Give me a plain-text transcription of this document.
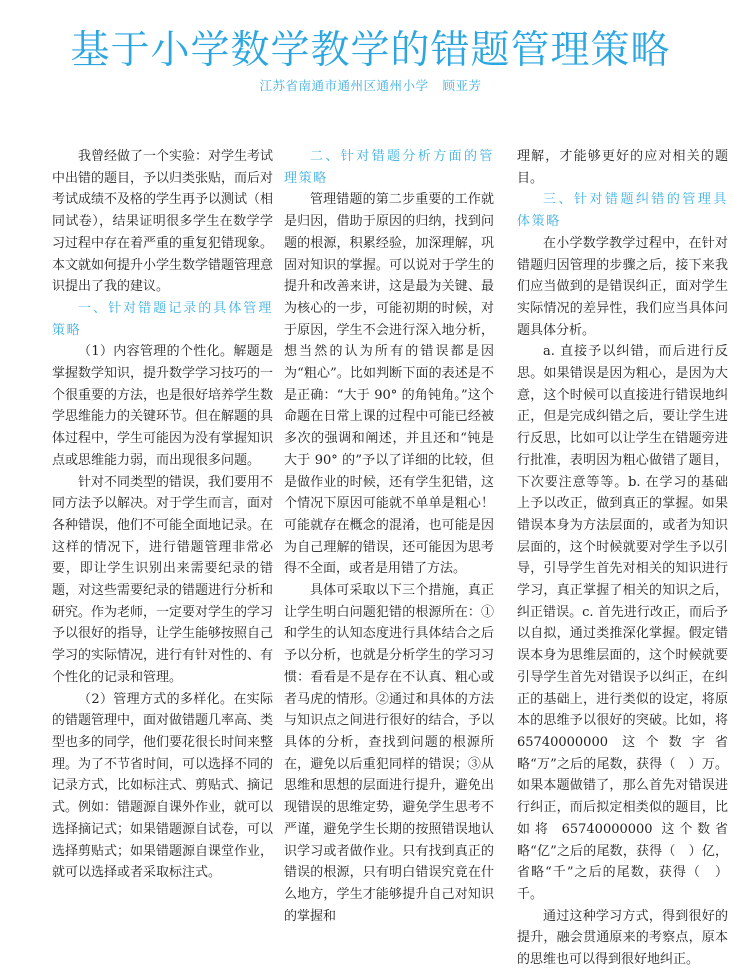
基于小学数学教学的错题管理策略
江苏省南通市通州区通州小学 顾亚芳

我曾经做了一个实验：对学生考试中出错的题目，予以归类张贴，而后对考试成绩不及格的学生再予以测试（相同试卷），结果证明很多学生在数学学习过程中存在着严重的重复犯错现象。本文就如何提升小学生数学错题管理意识提出了我的建议。

一、针对错题记录的具体管理策略

（1）内容管理的个性化。解题是掌握数学知识，提升数学学习技巧的一个很重要的方法，也是很好培养学生数学思维能力的关键环节。但在解题的具体过程中，学生可能因为没有掌握知识点或思维能力弱，而出现很多问题。

针对不同类型的错误，我们要用不同方法予以解决。对于学生而言，面对各种错误，他们不可能全面地记录。在这样的情况下，进行错题管理非常必要，即让学生识别出来需要纪录的错题，对这些需要纪录的错题进行分析和研究。作为老师，一定要对学生的学习予以很好的指导，让学生能够按照自己学习的实际情况，进行有针对性的、有个性化的记录和管理。

（2）管理方式的多样化。在实际的错题管理中，面对做错题几率高、类型也多的同学，他们要花很长时间来整理。为了不节省时间，可以选择不同的记录方式，比如标注式、剪贴式、摘记式。例如：错题源自课外作业，就可以选择摘记式；如果错题源自试卷，可以选择剪贴式；如果错题源自课堂作业，就可以选择或者采取标注式。

二、针对错题分析方面的管理策略

管理错题的第二步重要的工作就是归因，借助于原因的归纳，找到问题的根源，积累经验，加深理解，巩固对知识的掌握。可以说对于学生的提升和改善来讲，这是最为关键、最为核心的一步，可能初期的时候，对于原因，学生不会进行深入地分析，想当然的认为所有的错误都是因为“粗心”。比如判断下面的表述是不是正确：“大于 90° 的角钝角。”这个命题在日常上课的过程中可能已经被多次的强调和阐述，并且还和“钝是大于 90° 的”予以了详细的比较，但是做作业的时候，还有学生犯错，这个情况下原因可能就不单单是粗心！可能就存在概念的混淆，也可能是因为自己理解的错误，还可能因为思考得不全面，或者是用错了方法。

具体可采取以下三个措施，真正让学生明白问题犯错的根源所在：①和学生的认知态度进行具体结合之后予以分析，也就是分析学生的学习习惯：看看是不是存在不认真、粗心或者马虎的情形。②通过和具体的方法与知识点之间进行很好的结合，予以具体的分析，查找到问题的根源所在，避免以后重犯同样的错误；③从思维和思想的层面进行提升，避免出现错误的思维定势，避免学生思考不严谨，避免学生长期的按照错误地认识学习或者做作业。只有找到真正的错误的根源，只有明白错误究竟在什么地方，学生才能够提升自己对知识的掌握和

理解，才能够更好的应对相关的题目。

三、针对错题纠错的管理具体策略

在小学数学教学过程中，在针对错题归因管理的步骤之后，接下来我们应当做到的是错误纠正，面对学生实际情况的差异性，我们应当具体问题具体分析。

a. 直接予以纠错，而后进行反思。如果错误是因为粗心，是因为大意，这个时候可以直接进行错误地纠正，但是完成纠错之后，要让学生进行反思，比如可以让学生在错题旁进行批准，表明因为粗心做错了题目，下次要注意等等。b. 在学习的基础上予以改正，做到真正的掌握。如果错误本身为方法层面的，或者为知识层面的，这个时候就要对学生予以引导，引导学生首先对相关的知识进行学习，真正掌握了相关的知识之后，纠正错误。c. 首先进行改正，而后予以自拟，通过类推深化掌握。假定错误本身为思维层面的，这个时候就要引导学生首先对错误予以纠正，在纠正的基础上，进行类似的设定，将原本的思维予以很好的突破。比如，将 65740000000 这个数字省略“万”之后的尾数，获得（　）万。如果本题做错了，那么首先对错误进行纠正，而后拟定相类似的题目，比如将 65740000000 这个数省略“亿”之后的尾数，获得（　）亿，省略“千”之后的尾数，获得（　）千。

通过这种学习方式，得到很好的提升，融会贯通原来的考察点，原本的思维也可以得到很好地纠正。
